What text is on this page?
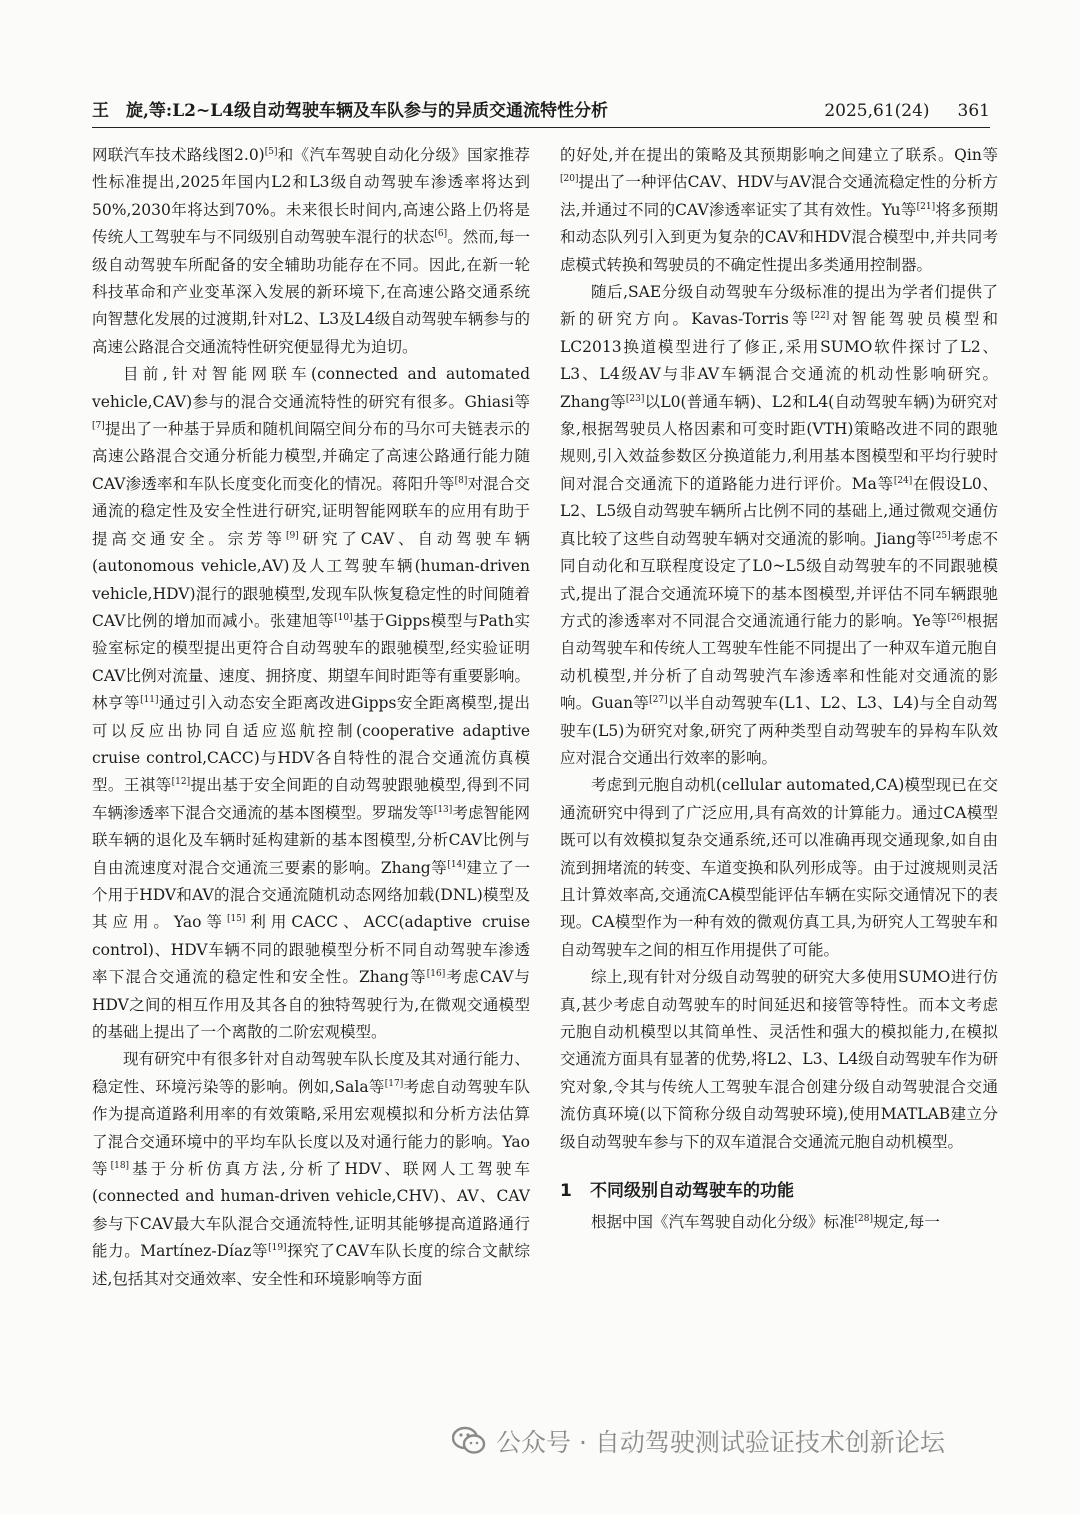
王　旋,等:L2~L4级自动驾驶车辆及车队参与的异质交通流特性分析	2025,61(24) 361

网联汽车技术路线图2.0)[5]和《汽车驾驶自动化分级》国家推荐性标准提出,2025年国内L2和L3级自动驾驶车渗透率将达到50%,2030年将达到70%。未来很长时间内,高速公路上仍将是传统人工驾驶车与不同级别自动驾驶车混行的状态[6]。然而,每一级自动驾驶车所配备的安全辅助功能存在不同。因此,在新一轮科技革命和产业变革深入发展的新环境下,在高速公路交通系统向智慧化发展的过渡期,针对L2、L3及L4级自动驾驶车辆参与的高速公路混合交通流特性研究便显得尤为迫切。

目前,针对智能网联车(connected and automated vehicle,CAV)参与的混合交通流特性的研究有很多。Ghiasi等[7]提出了一种基于异质和随机间隔空间分布的马尔可夫链表示的高速公路混合交通分析能力模型,并确定了高速公路通行能力随CAV渗透率和车队长度变化而变化的情况。蒋阳升等[8]对混合交通流的稳定性及安全性进行研究,证明智能网联车的应用有助于提高交通安全。宗芳等[9]研究了CAV、自动驾驶车辆(autonomous vehicle,AV)及人工驾驶车辆(human-driven vehicle,HDV)混行的跟驰模型,发现车队恢复稳定性的时间随着CAV比例的增加而减小。张建旭等[10]基于Gipps模型与Path实验室标定的模型提出更符合自动驾驶车的跟驰模型,经实验证明CAV比例对流量、速度、拥挤度、期望车间时距等有重要影响。林亨等[11]通过引入动态安全距离改进Gipps安全距离模型,提出可以反应出协同自适应巡航控制(cooperative adaptive cruise control,CACC)与HDV各自特性的混合交通流仿真模型。王祺等[12]提出基于安全间距的自动驾驶跟驰模型,得到不同车辆渗透率下混合交通流的基本图模型。罗瑞发等[13]考虑智能网联车辆的退化及车辆时延构建新的基本图模型,分析CAV比例与自由流速度对混合交通流三要素的影响。Zhang等[14]建立了一个用于HDV和AV的混合交通流随机动态网络加载(DNL)模型及其应用。Yao等[15]利用CACC、ACC(adaptive cruise control)、HDV车辆不同的跟驰模型分析不同自动驾驶车渗透率下混合交通流的稳定性和安全性。Zhang等[16]考虑CAV与HDV之间的相互作用及其各自的独特驾驶行为,在微观交通模型的基础上提出了一个离散的二阶宏观模型。

现有研究中有很多针对自动驾驶车队长度及其对通行能力、稳定性、环境污染等的影响。例如,Sala等[17]考虑自动驾驶车队作为提高道路利用率的有效策略,采用宏观模拟和分析方法估算了混合交通环境中的平均车队长度以及对通行能力的影响。Yao等[18]基于分析仿真方法,分析了HDV、联网人工驾驶车(connected and human-driven vehicle,CHV)、AV、CAV参与下CAV最大车队混合交通流特性,证明其能够提高道路通行能力。Martínez-Díaz等[19]探究了CAV车队长度的综合文献综述,包括其对交通效率、安全性和环境影响等方面

的好处,并在提出的策略及其预期影响之间建立了联系。Qin等[20]提出了一种评估CAV、HDV与AV混合交通流稳定性的分析方法,并通过不同的CAV渗透率证实了其有效性。Yu等[21]将多预期和动态队列引入到更为复杂的CAV和HDV混合模型中,并共同考虑模式转换和驾驶员的不确定性提出多类通用控制器。

随后,SAE分级自动驾驶车分级标准的提出为学者们提供了新的研究方向。Kavas-Torris等[22]对智能驾驶员模型和LC2013换道模型进行了修正,采用SUMO软件探讨了L2、L3、L4级AV与非AV车辆混合交通流的机动性影响研究。Zhang等[23]以L0(普通车辆)、L2和L4(自动驾驶车辆)为研究对象,根据驾驶员人格因素和可变时距(VTH)策略改进不同的跟驰规则,引入效益参数区分换道能力,利用基本图模型和平均行驶时间对混合交通流下的道路能力进行评价。Ma等[24]在假设L0、L2、L5级自动驾驶车辆所占比例不同的基础上,通过微观交通仿真比较了这些自动驾驶车辆对交通流的影响。Jiang等[25]考虑不同自动化和互联程度设定了L0~L5级自动驾驶车的不同跟驰模式,提出了混合交通流环境下的基本图模型,并评估不同车辆跟驰方式的渗透率对不同混合交通流通行能力的影响。Ye等[26]根据自动驾驶车和传统人工驾驶车性能不同提出了一种双车道元胞自动机模型,并分析了自动驾驶汽车渗透率和性能对交通流的影响。Guan等[27]以半自动驾驶车(L1、L2、L3、L4)与全自动驾驶车(L5)为研究对象,研究了两种类型自动驾驶车的异构车队效应对混合交通出行效率的影响。

考虑到元胞自动机(cellular automated,CA)模型现已在交通流研究中得到了广泛应用,具有高效的计算能力。通过CA模型既可以有效模拟复杂交通系统,还可以准确再现交通现象,如自由流到拥堵流的转变、车道变换和队列形成等。由于过渡规则灵活且计算效率高,交通流CA模型能评估车辆在实际交通情况下的表现。CA模型作为一种有效的微观仿真工具,为研究人工驾驶车和自动驾驶车之间的相互作用提供了可能。

综上,现有针对分级自动驾驶的研究大多使用SUMO进行仿真,甚少考虑自动驾驶车的时间延迟和接管等特性。而本文考虑元胞自动机模型以其简单性、灵活性和强大的模拟能力,在模拟交通流方面具有显著的优势,将L2、L3、L4级自动驾驶车作为研究对象,令其与传统人工驾驶车混合创建分级自动驾驶混合交通流仿真环境(以下简称分级自动驾驶环境),使用MATLAB建立分级自动驾驶车参与下的双车道混合交通流元胞自动机模型。

1 不同级别自动驾驶车的功能

根据中国《汽车驾驶自动化分级》标准[28]规定,每一

公众号 · 自动驾驶测试验证技术创新论坛
